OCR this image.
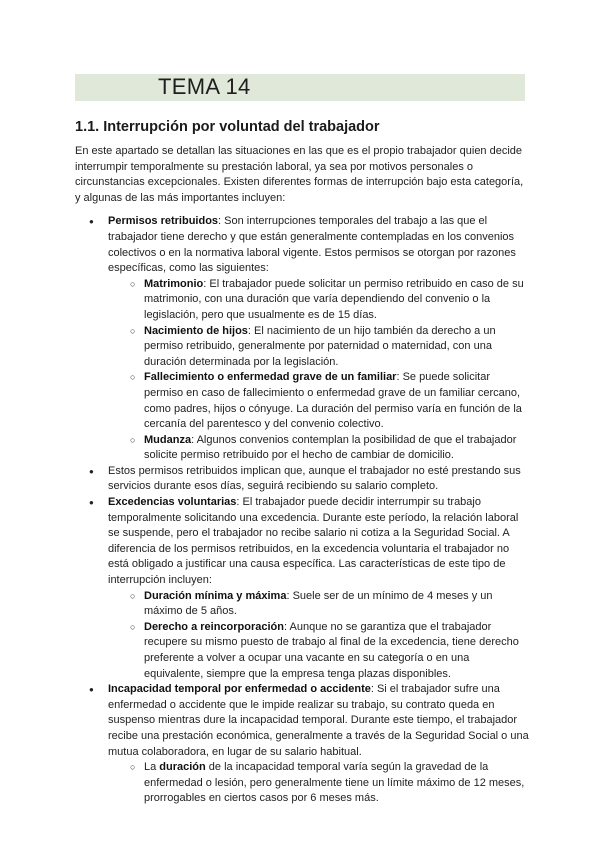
TEMA 14
1.1. Interrupción por voluntad del trabajador

En este apartado se detallan las situaciones en las que es el propio trabajador quien decide interrumpir temporalmente su prestación laboral, ya sea por motivos personales o circunstancias excepcionales. Existen diferentes formas de interrupción bajo esta categoría, y algunas de las más importantes incluyen:

● Permisos retribuidos: Son interrupciones temporales del trabajo a las que el trabajador tiene derecho y que están generalmente contempladas en los convenios colectivos o en la normativa laboral vigente. Estos permisos se otorgan por razones específicas, como las siguientes:
○ Matrimonio: El trabajador puede solicitar un permiso retribuido en caso de su matrimonio, con una duración que varía dependiendo del convenio o la legislación, pero que usualmente es de 15 días.
○ Nacimiento de hijos: El nacimiento de un hijo también da derecho a un permiso retribuido, generalmente por paternidad o maternidad, con una duración determinada por la legislación.
○ Fallecimiento o enfermedad grave de un familiar: Se puede solicitar permiso en caso de fallecimiento o enfermedad grave de un familiar cercano, como padres, hijos o cónyuge. La duración del permiso varía en función de la cercanía del parentesco y del convenio colectivo.
○ Mudanza: Algunos convenios contemplan la posibilidad de que el trabajador solicite permiso retribuido por el hecho de cambiar de domicilio.
● Estos permisos retribuidos implican que, aunque el trabajador no esté prestando sus servicios durante esos días, seguirá recibiendo su salario completo.
● Excedencias voluntarias: El trabajador puede decidir interrumpir su trabajo temporalmente solicitando una excedencia. Durante este período, la relación laboral se suspende, pero el trabajador no recibe salario ni cotiza a la Seguridad Social. A diferencia de los permisos retribuidos, en la excedencia voluntaria el trabajador no está obligado a justificar una causa específica. Las características de este tipo de interrupción incluyen:
○ Duración mínima y máxima: Suele ser de un mínimo de 4 meses y un máximo de 5 años.
○ Derecho a reincorporación: Aunque no se garantiza que el trabajador recupere su mismo puesto de trabajo al final de la excedencia, tiene derecho preferente a volver a ocupar una vacante en su categoría o en una equivalente, siempre que la empresa tenga plazas disponibles.
● Incapacidad temporal por enfermedad o accidente: Si el trabajador sufre una enfermedad o accidente que le impide realizar su trabajo, su contrato queda en suspenso mientras dure la incapacidad temporal. Durante este tiempo, el trabajador recibe una prestación económica, generalmente a través de la Seguridad Social o una mutua colaboradora, en lugar de su salario habitual.
○ La duración de la incapacidad temporal varía según la gravedad de la enfermedad o lesión, pero generalmente tiene un límite máximo de 12 meses, prorrogables en ciertos casos por 6 meses más.
